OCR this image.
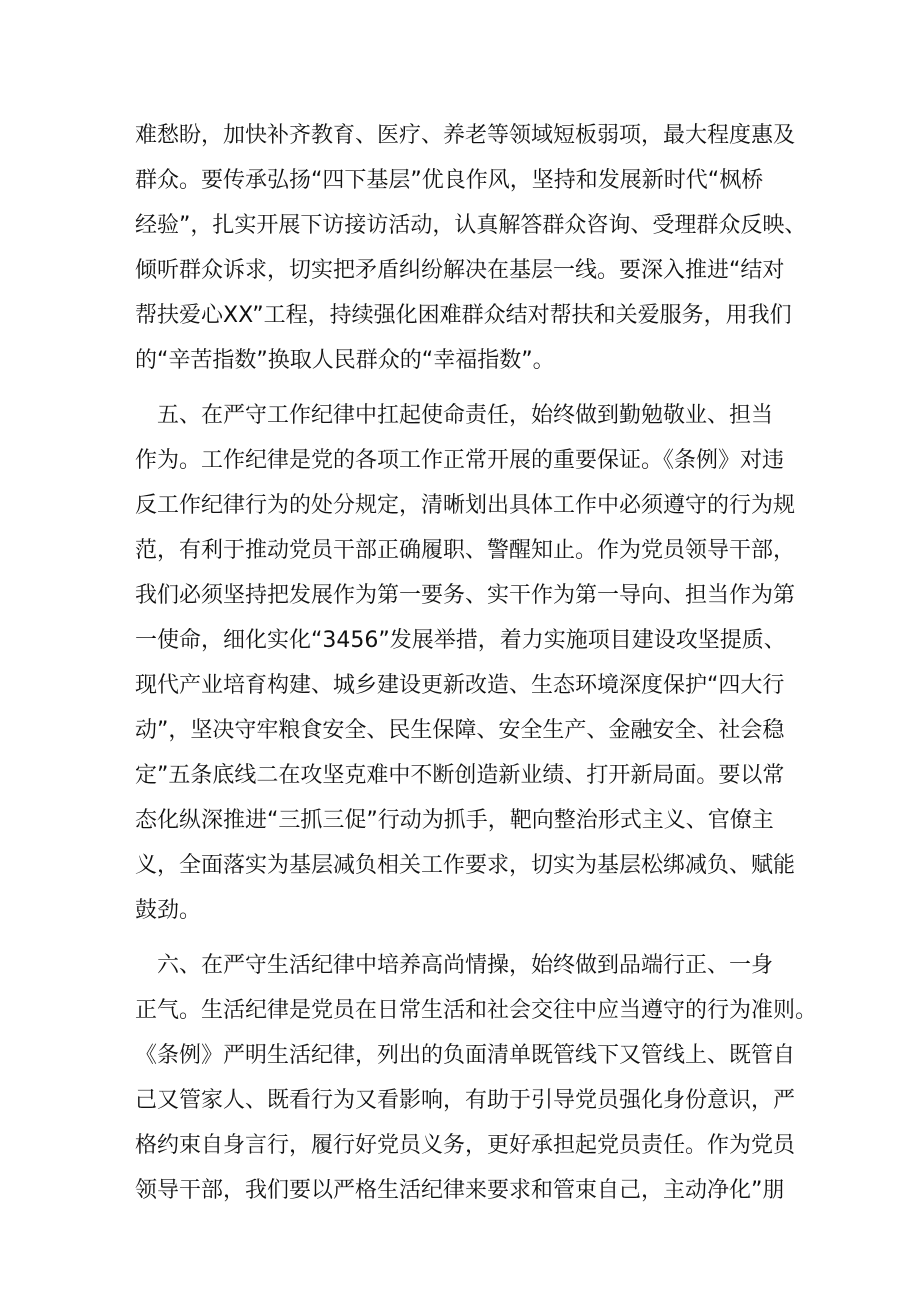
难愁盼，加快补齐教育、医疗、养老等领域短板弱项，最大程度惠及
群众。要传承弘扬“四下基层”优良作风，坚持和发展新时代“枫桥
经验”，扎实开展下访接访活动，认真解答群众咨询、受理群众反映、
倾听群众诉求，切实把矛盾纠纷解决在基层一线。要深入推进“结对
帮扶爱心XX”工程，持续强化困难群众结对帮扶和关爱服务，用我们
的“辛苦指数”换取人民群众的“幸福指数”。
　五、在严守工作纪律中扛起使命责任，始终做到勤勉敬业、担当
作为。工作纪律是党的各项工作正常开展的重要保证。《条例》对违
反工作纪律行为的处分规定，清晰划出具体工作中必须遵守的行为规
范，有利于推动党员干部正确履职、警醒知止。作为党员领导干部，
我们必须坚持把发展作为第一要务、实干作为第一导向、担当作为第
一使命，细化实化“3456”发展举措，着力实施项目建设攻坚提质、
现代产业培育构建、城乡建设更新改造、生态环境深度保护“四大行
动”，坚决守牢粮食安全、民生保障、安全生产、金融安全、社会稳
定”五条底线二在攻坚克难中不断创造新业绩、打开新局面。要以常
态化纵深推进“三抓三促”行动为抓手，靶向整治形式主义、官僚主
义，全面落实为基层减负相关工作要求，切实为基层松绑减负、赋能
鼓劲。
　六、在严守生活纪律中培养高尚情操，始终做到品端行正、一身
正气。生活纪律是党员在日常生活和社会交往中应当遵守的行为准则。
《条例》严明生活纪律，列出的负面清单既管线下又管线上、既管自
己又管家人、既看行为又看影响，有助于引导党员强化身份意识，严
格约束自身言行，履行好党员义务，更好承担起党员责任。作为党员
领导干部，我们要以严格生活纪律来要求和管束自己，主动净化”朋
